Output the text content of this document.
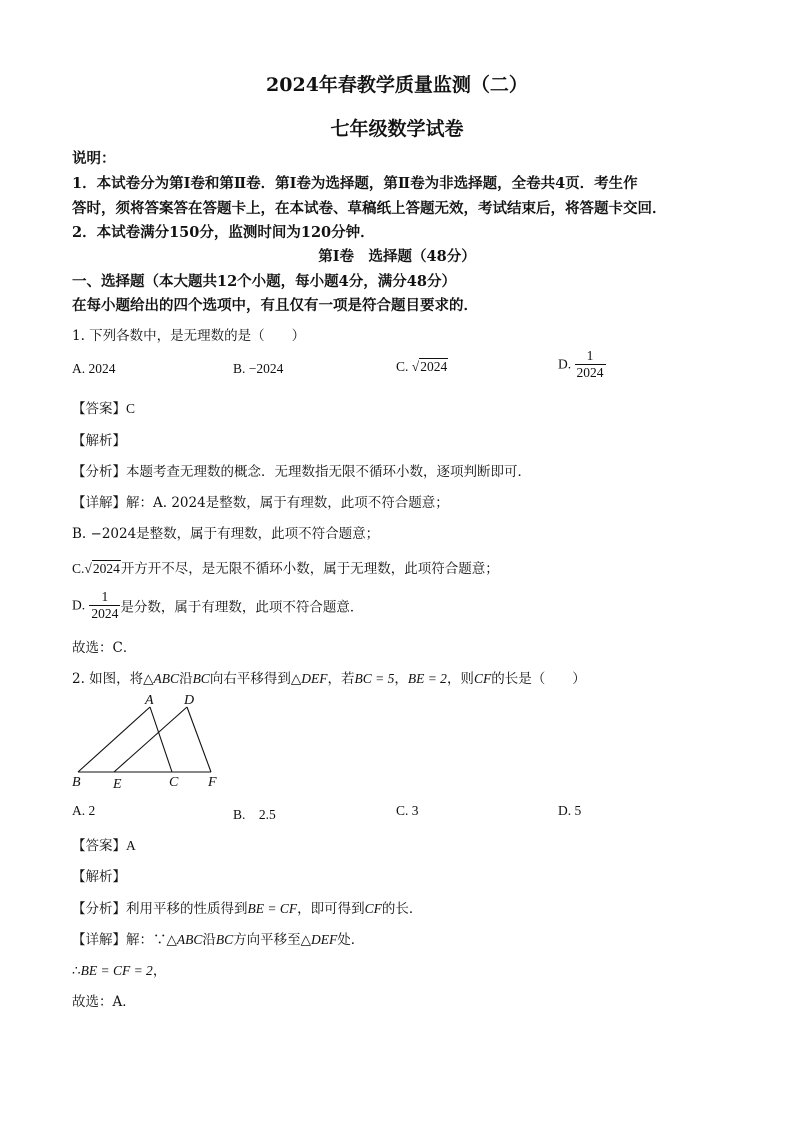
2024年春教学质量监测（二）
七年级数学试卷
说明：
1．本试卷分为第Ⅰ卷和第Ⅱ卷．第Ⅰ卷为选择题，第Ⅱ卷为非选择题，全卷共4页．考生作
答时，须将答案答在答题卡上，在本试卷、草稿纸上答题无效，考试结束后，将答题卡交回．
2．本试卷满分150分，监测时间为120分钟．
第Ⅰ卷　选择题（48分）
一、选择题（本大题共12个小题，每小题4分，满分48分）
在每小题给出的四个选项中，有且仅有一项是符合题目要求的．
1. 下列各数中，是无理数的是（　　）
A. 2024	B. −2024	C. √2024	D. $\frac{1}{2024}$
【答案】C
【解析】
【分析】本题考查无理数的概念．无理数指无限不循环小数，逐项判断即可．
【详解】解：A. 2024是整数，属于有理数，此项不符合题意；
B. −2024是整数，属于有理数，此项不符合题意；
C.√2024开方开不尽，是无限不循环小数，属于无理数，此项符合题意；
D. $\frac{1}{2024}$ 是分数，属于有理数，此项不符合题意．
故选：C．
2. 如图，将△ABC沿BC向右平移得到△DEF，若BC = 5，BE = 2，则CF的长是（　　）
A D
B E	C F
A. 2	B.　2.5	C. 3	D. 5
【答案】A
【解析】
【分析】利用平移的性质得到BE = CF，即可得到CF的长．
【详解】解：∵△ABC沿BC方向平移至△DEF处．
∴BE = CF = 2，
故选：A．
